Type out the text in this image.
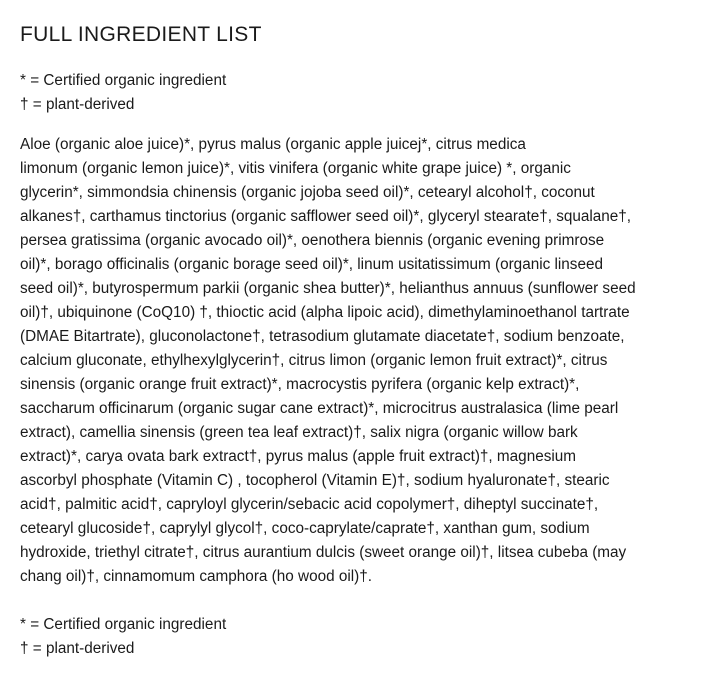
FULL INGREDIENT LIST

* = Certified organic ingredient

† = plant-derived

Aloe (organic aloe juice)*, pyrus malus (organic apple juicej*, citrus medica
limonum (organic lemon juice)*, vitis vinifera (organic white grape juice) *, organic
glycerin*, simmondsia chinensis (organic jojoba seed oil)*, cetearyl alcohol†, coconut
alkanes†, carthamus tinctorius (organic safflower seed oil)*, glyceryl stearate†, squalane†,
persea gratissima (organic avocado oil)*, oenothera biennis (organic evening primrose
oil)*, borago officinalis (organic borage seed oil)*, linum usitatissimum (organic linseed
seed oil)*, butyrospermum parkii (organic shea butter)*, helianthus annuus (sunflower seed
oil)†, ubiquinone (CoQ10) †, thioctic acid (alpha lipoic acid), dimethylaminoethanol tartrate
(DMAE Bitartrate), gluconolactone†, tetrasodium glutamate diacetate†, sodium benzoate,
calcium gluconate, ethylhexylglycerin†, citrus limon (organic lemon fruit extract)*, citrus
sinensis (organic orange fruit extract)*, macrocystis pyrifera (organic kelp extract)*,
saccharum officinarum (organic sugar cane extract)*, microcitrus australasica (lime pearl
extract), camellia sinensis (green tea leaf extract)†, salix nigra (organic willow bark
extract)*, carya ovata bark extract†, pyrus malus (apple fruit extract)†, magnesium
ascorbyl phosphate (Vitamin C) , tocopherol (Vitamin E)†, sodium hyaluronate†, stearic
acid†, palmitic acid†, capryloyl glycerin/sebacic acid copolymer†, diheptyl succinate†,
cetearyl glucoside†, caprylyl glycol†, coco-caprylate/caprate†, xanthan gum, sodium
hydroxide, triethyl citrate†, citrus aurantium dulcis (sweet orange oil)†, litsea cubeba (may
chang oil)†, cinnamomum camphora (ho wood oil)†.

* = Certified organic ingredient

† = plant-derived
